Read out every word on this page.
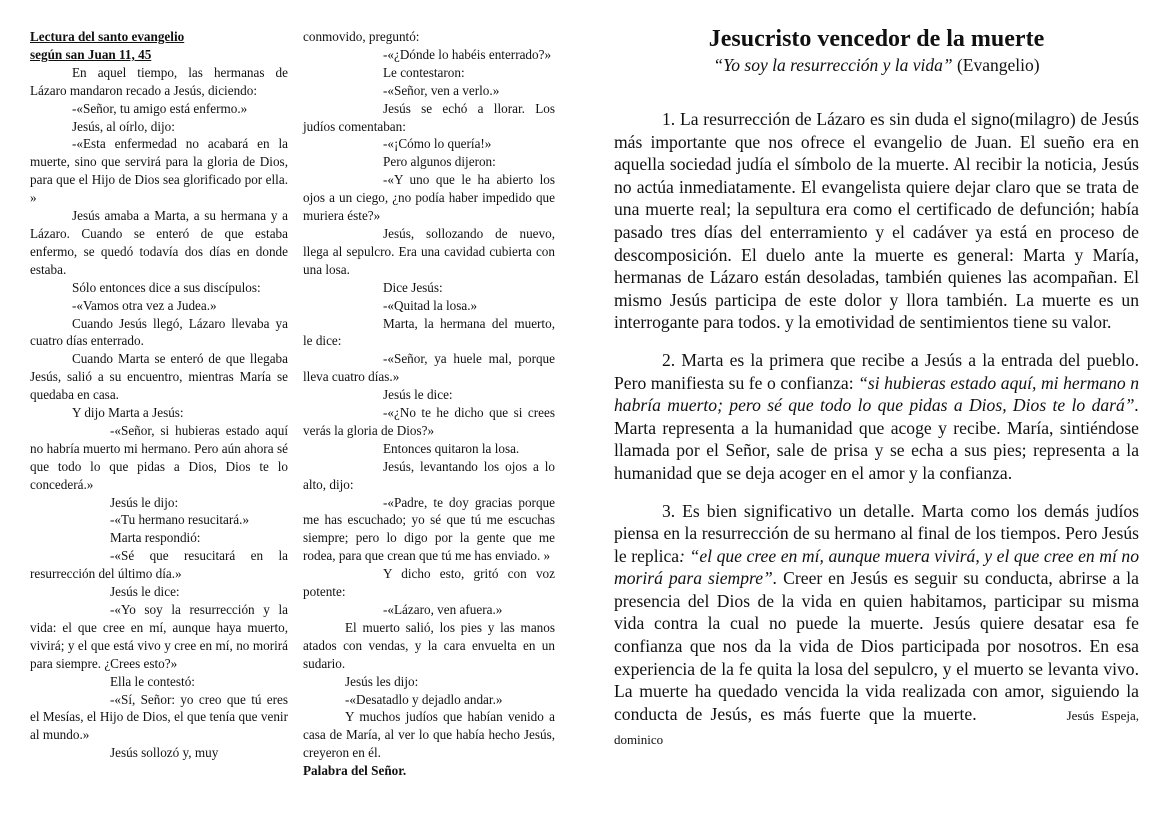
Lectura del santo evangelio

según san Juan 11, 45

En aquel tiempo, las hermanas de Lázaro mandaron recado a Jesús, diciendo:

-«Señor, tu amigo está enfermo.»

Jesús, al oírlo, dijo:

-«Esta enfermedad no acabará en la muerte, sino que servirá para la gloria de Dios, para que el Hijo de Dios sea glorificado por ella. »

Jesús amaba a Marta, a su hermana y a Lázaro. Cuando se enteró de que estaba enfermo, se quedó todavía dos días en donde estaba.

Sólo entonces dice a sus discípulos:

-«Vamos otra vez a Judea.»

Cuando Jesús llegó, Lázaro llevaba ya cuatro días enterrado.

Cuando Marta se enteró de que llegaba Jesús, salió a su encuentro, mientras María se quedaba en casa.

Y dijo Marta a Jesús:

-«Señor, si hubieras estado aquí no habría muerto mi hermano. Pero aún ahora sé que todo lo que pidas a Dios, Dios te lo concederá.»

Jesús le dijo:

-«Tu hermano resucitará.»

Marta respondió:

-«Sé que resucitará en la resurrección del último día.»

Jesús le dice:

-«Yo soy la resurrección y la vida: el que cree en mí, aunque haya muerto, vivirá; y el que está vivo y cree en mí, no morirá para siempre. ¿Crees esto?»

Ella le contestó:

-«Sí, Señor: yo creo que tú eres el Mesías, el Hijo de Dios, el que tenía que venir al mundo.»

Jesús sollozó y, muy

conmovido, preguntó:

-«¿Dónde lo habéis enterrado?»

Le contestaron:

-«Señor, ven a verlo.»

Jesús se echó a llorar. Los judíos comentaban:

-«¡Cómo lo quería!»

Pero algunos dijeron:

-«Y uno que le ha abierto los ojos a un ciego, ¿no podía haber impedido que muriera éste?»

Jesús, sollozando de nuevo, llega al sepulcro. Era una cavidad cubierta con una losa.

Dice Jesús:

-«Quitad la losa.»

Marta, la hermana del muerto, le dice:

-«Señor, ya huele mal, porque lleva cuatro días.»

Jesús le dice:

-«¿No te he dicho que si crees verás la gloria de Dios?»

Entonces quitaron la losa.

Jesús, levantando los ojos a lo alto, dijo:

-«Padre, te doy gracias porque me has escuchado; yo sé que tú me escuchas siempre; pero lo digo por la gente que me rodea, para que crean que tú me has enviado. »

Y dicho esto, gritó con voz potente:

-«Lázaro, ven afuera.»

El muerto salió, los pies y las manos atados con vendas, y la cara envuelta en un sudario.

Jesús les dijo:

-«Desatadlo y dejadlo andar.»

Y muchos judíos que habían venido a casa de María, al ver lo que había hecho Jesús, creyeron en él.

Palabra del Señor.

Jesucristo vencedor de la muerte

“Yo soy la resurrección y la vida” (Evangelio)

1. La resurrección de Lázaro es sin duda el signo(milagro) de Jesús más importante que nos ofrece el evangelio de Juan. El sueño era en aquella sociedad judía el símbolo de la muerte. Al recibir la noticia, Jesús no actúa inmediatamente. El evangelista quiere dejar claro que se trata de una muerte real; la sepultura era como el certificado de defunción; había pasado tres días del enterramiento y el cadáver ya está en proceso de descomposición. El duelo ante la muerte es general: Marta y María, hermanas de Lázaro están desoladas, también quienes las acompañan. El mismo Jesús participa de este dolor y llora también. La muerte es un interrogante para todos. y la emotividad de sentimientos tiene su valor.

2. Marta es la primera que recibe a Jesús a la entrada del pueblo. Pero manifiesta su fe o confianza: “si hubieras estado aquí, mi hermano n habría muerto; pero sé que todo lo que pidas a Dios, Dios te lo dará”. Marta representa a la humanidad que acoge y recibe. María, sintiéndose llamada por el Señor, sale de prisa y se echa a sus pies; representa a la humanidad que se deja acoger en el amor y la confianza.

3. Es bien significativo un detalle. Marta como los demás judíos piensa en la resurrección de su hermano al final de los tiempos. Pero Jesús le replica: “el que cree en mí, aunque muera vivirá, y el que cree en mí no morirá para siempre”. Creer en Jesús es seguir su conducta, abrirse a la presencia del Dios de la vida en quien habitamos, participar su misma vida contra la cual no puede la muerte. Jesús quiere desatar esa fe confianza que nos da la vida de Dios participada por nosotros. En esa experiencia de la fe quita la losa del sepulcro, y el muerto se levanta vivo. La muerte ha quedado vencida la vida realizada con amor, siguiendo la conducta de Jesús, es más fuerte que la muerte.	Jesús Espeja, dominico
